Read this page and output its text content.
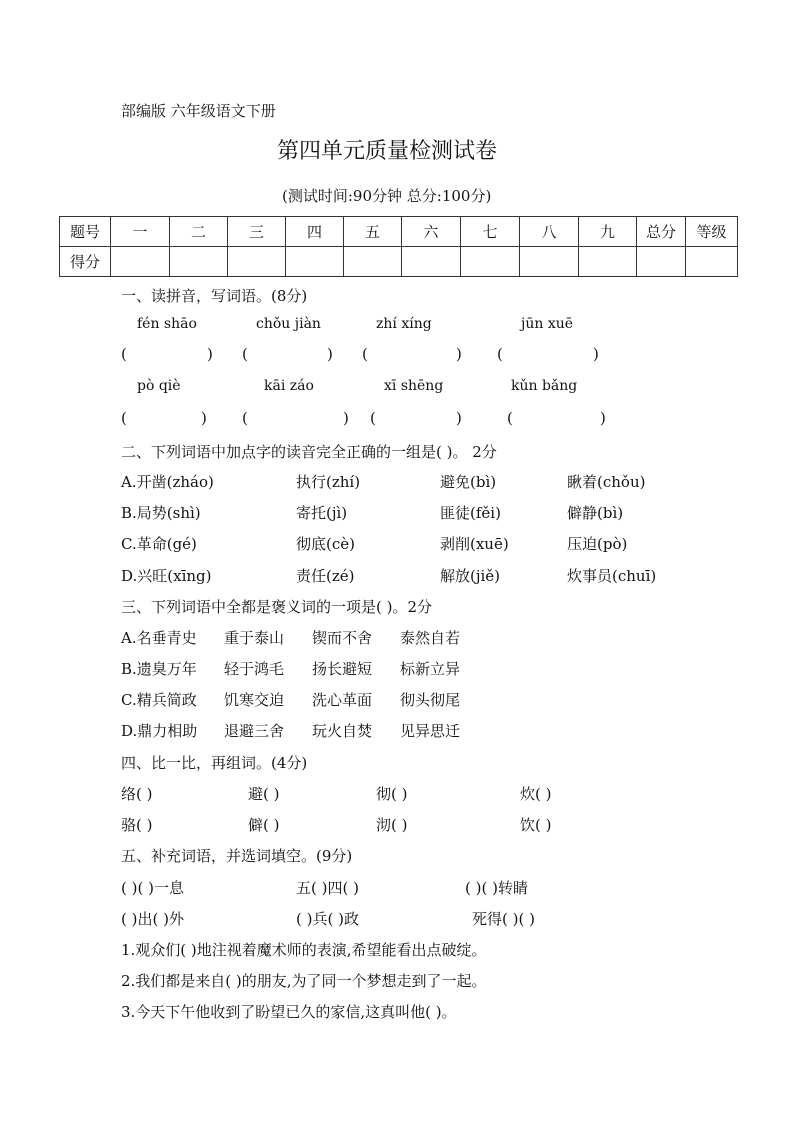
部编版 六年级语文下册
第四单元质量检测试卷
(测试时间:90分钟 总分:100分)
题号	一	二	三	四	五	六	七	八	九	总分	等级
得分											
一、读拼音，写词语。(8分)
fén shāo	chǒu jiàn	zhí xíng	jūn xuē
(	) (	) (	) (	)
pò qiè	kāi záo	xī shēng	kǔn bǎng
(	) (	) (	)	(	)
二、下列词语中加点字的读音完全正确的一组是( )。 2分
A.开凿(zháo)	执行(zhí)	避免(bì)	瞅着(chǒu)
B.局势(shì)	寄托(jì)	匪徒(fěi)	僻静(bì)
C.革命(gé)	彻底(cè)	剥削(xuē)	压迫(pò)
D.兴旺(xīng)	责任(zé)	解放(jiě)	炊事员(chuī)
三、下列词语中全都是褒义词的一项是( )。2分
A.名垂青史 重于泰山 锲而不舍 泰然自若
B.遗臭万年 轻于鸿毛 扬长避短 标新立异
C.精兵简政 饥寒交迫 洗心革面 彻头彻尾
D.鼎力相助 退避三舍 玩火自焚 见异思迁
四、比一比，再组词。(4分)
络( )	避( )	彻( )	炊( )
骆( )	僻( )	沏( )	饮( )
五、补充词语，并选词填空。(9分)
( )( )一息	五( )四( )	( )( )转睛
( )出( )外	( )兵( )政	死得( )( )
1.观众们( )地注视着魔术师的表演,希望能看出点破绽。
2.我们都是来自( )的朋友,为了同一个梦想走到了一起。
3.今天下午他收到了盼望已久的家信,这真叫他( )。
